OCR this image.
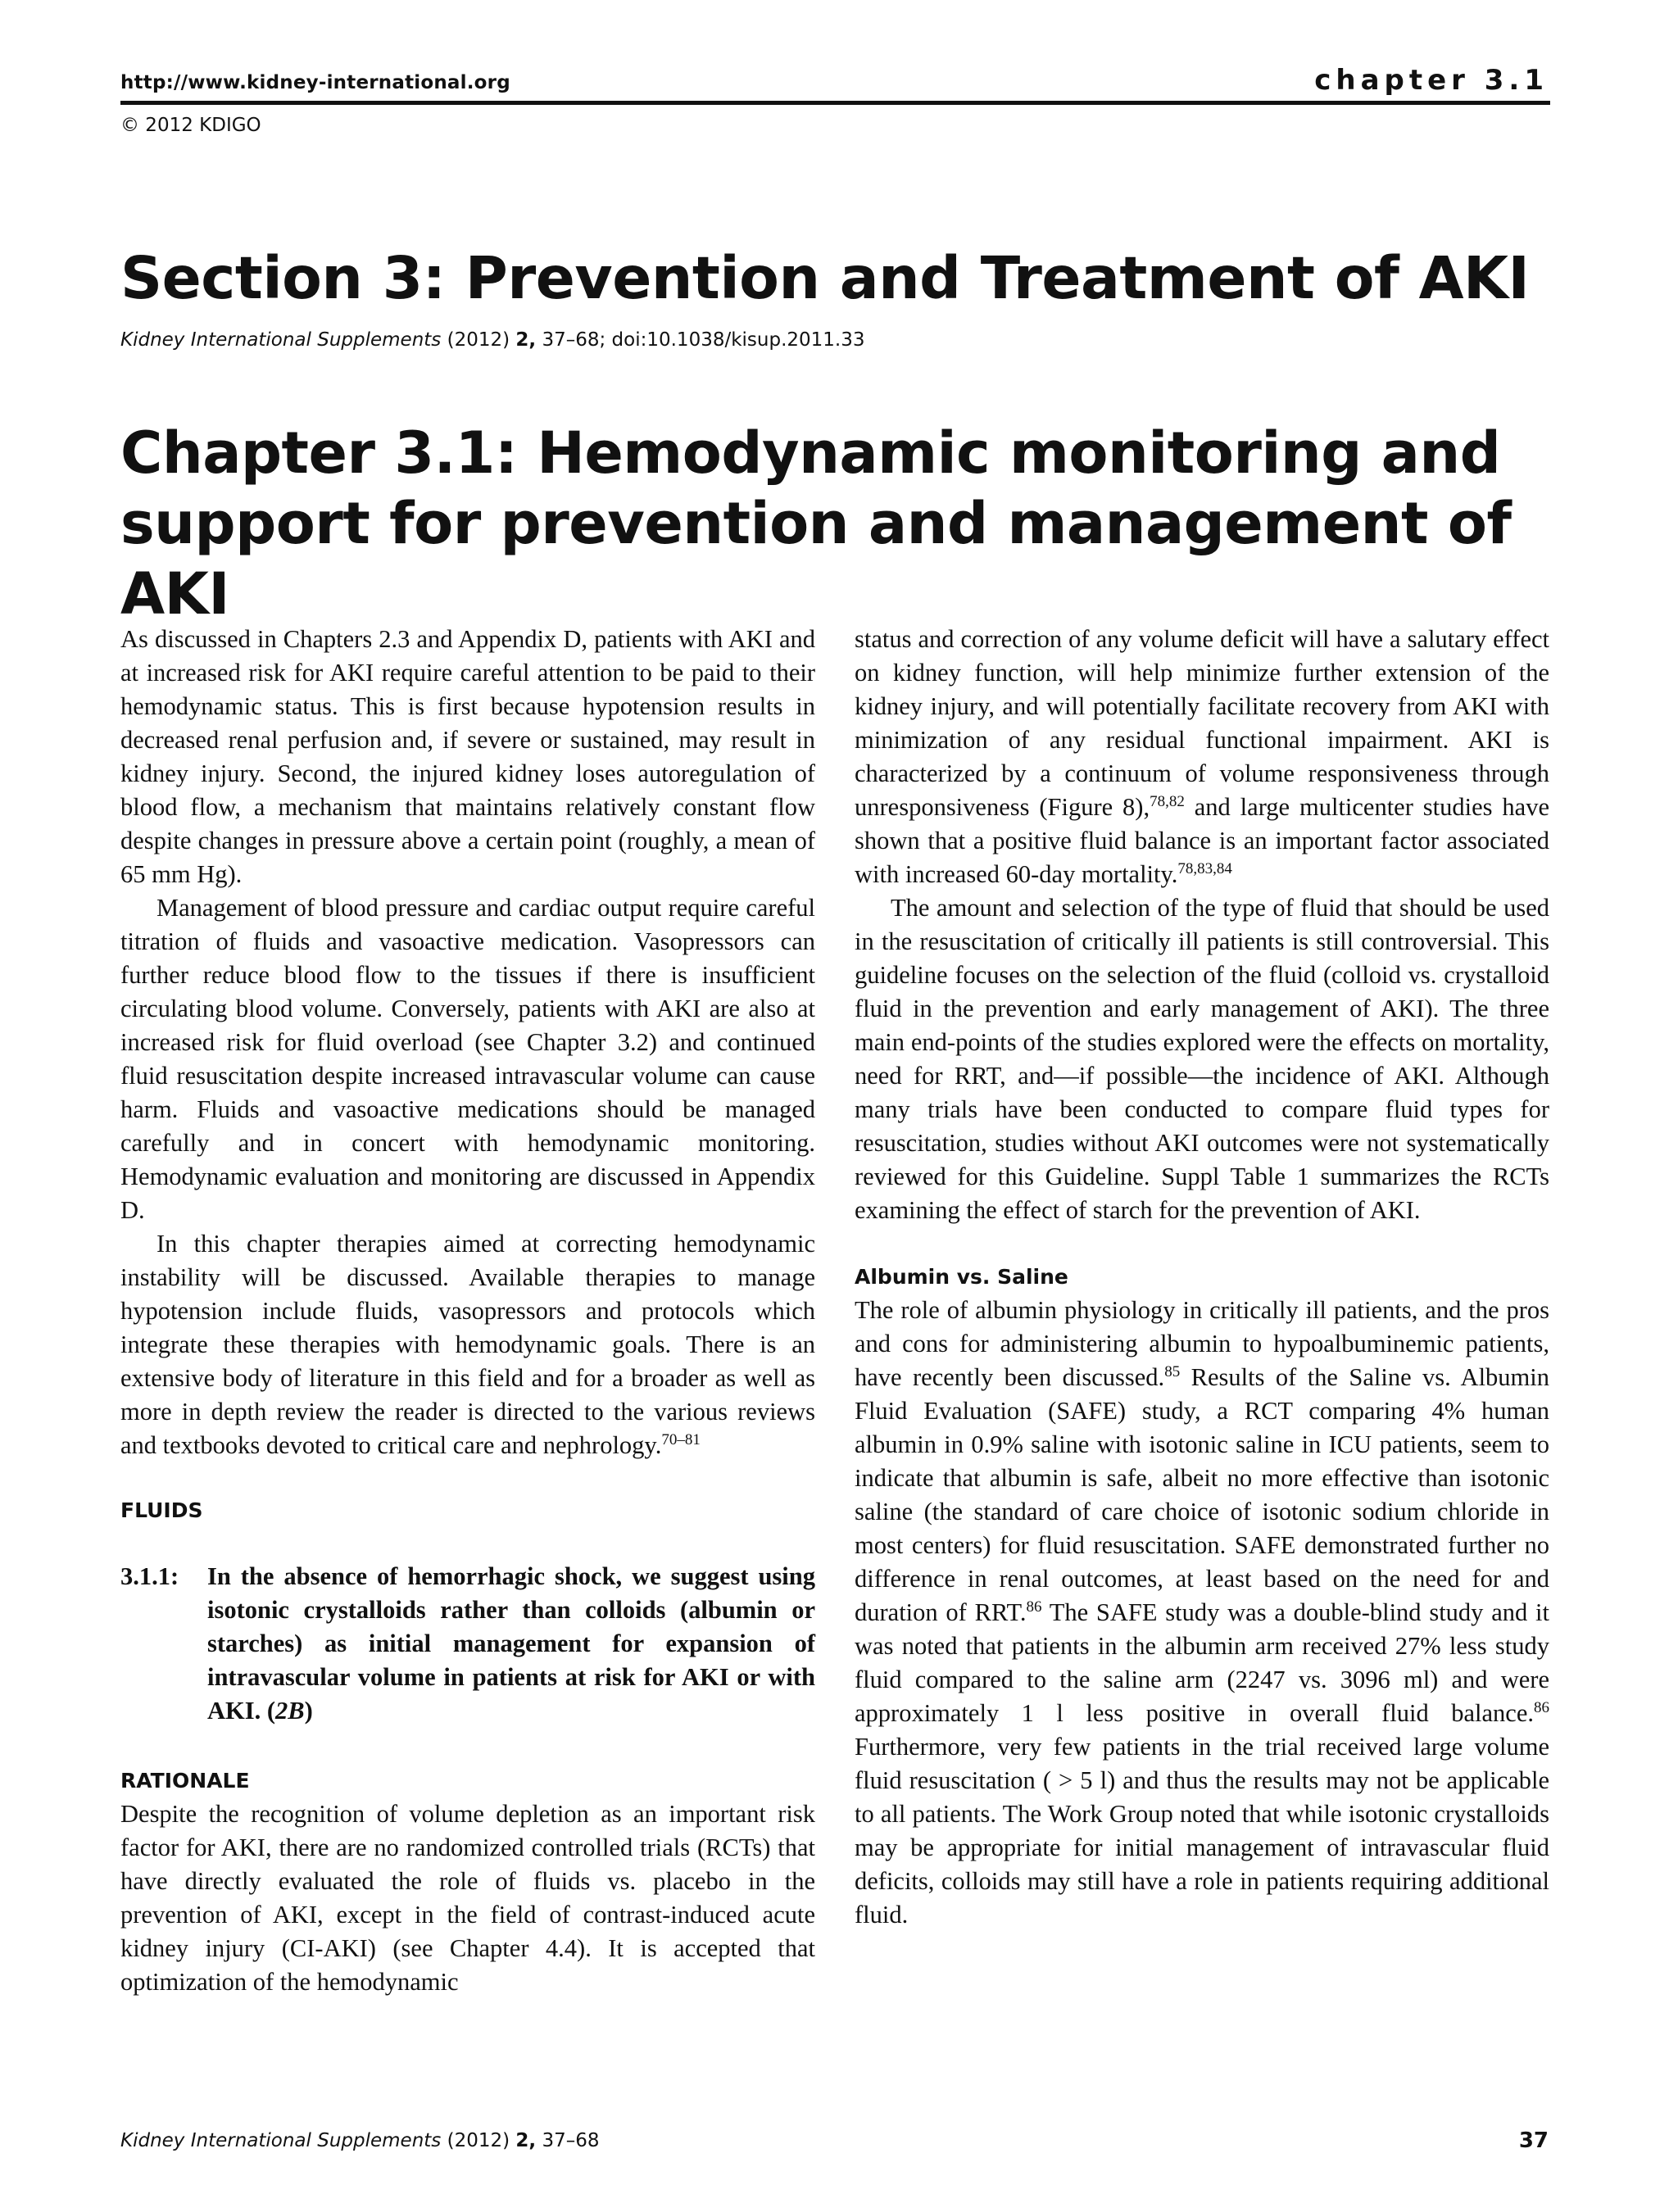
http://www.kidney-international.org	chapter 3.1
© 2012 KDIGO
Section 3: Prevention and Treatment of AKI
Kidney International Supplements (2012) 2, 37–68; doi:10.1038/kisup.2011.33
Chapter 3.1: Hemodynamic monitoring and support for prevention and management of AKI

As discussed in Chapters 2.3 and Appendix D, patients with AKI and at increased risk for AKI require careful attention to be paid to their hemodynamic status. This is first because hypotension results in decreased renal perfusion and, if severe or sustained, may result in kidney injury. Second, the injured kidney loses autoregulation of blood flow, a mechanism that maintains relatively constant flow despite changes in pressure above a certain point (roughly, a mean of 65 mm Hg).

Management of blood pressure and cardiac output require careful titration of fluids and vasoactive medication. Vasopressors can further reduce blood flow to the tissues if there is insufficient circulating blood volume. Conversely, patients with AKI are also at increased risk for fluid overload (see Chapter 3.2) and continued fluid resuscitation despite increased intravascular volume can cause harm. Fluids and vasoactive medications should be managed carefully and in concert with hemodynamic monitoring. Hemodynamic evaluation and monitoring are discussed in Appendix D.

In this chapter therapies aimed at correcting hemodynamic instability will be discussed. Available therapies to manage hypotension include fluids, vasopressors and protocols which integrate these therapies with hemodynamic goals. There is an extensive body of literature in this field and for a broader as well as more in depth review the reader is directed to the various reviews and textbooks devoted to critical care and nephrology.$^{70-81}$

FLUIDS
3.1.1:	In the absence of hemorrhagic shock, we suggest using isotonic crystalloids rather than colloids (albumin or starches) as initial management for expansion of intravascular volume in patients at risk for AKI or with AKI. (2B)
RATIONALE

Despite the recognition of volume depletion as an important risk factor for AKI, there are no randomized controlled trials (RCTs) that have directly evaluated the role of fluids vs. placebo in the prevention of AKI, except in the field of contrast-induced acute kidney injury (CI-AKI) (see Chapter 4.4). It is accepted that optimization of the hemodynamic

status and correction of any volume deficit will have a salutary effect on kidney function, will help minimize further extension of the kidney injury, and will potentially facilitate recovery from AKI with minimization of any residual functional impairment. AKI is characterized by a continuum of volume responsiveness through unresponsiveness (Figure 8),$^{78,82}$ and large multicenter studies have shown that a positive fluid balance is an important factor associated with increased 60-day mortality.$^{78,83,84}$

The amount and selection of the type of fluid that should be used in the resuscitation of critically ill patients is still controversial. This guideline focuses on the selection of the fluid (colloid vs. crystalloid fluid in the prevention and early management of AKI). The three main end-points of the studies explored were the effects on mortality, need for RRT, and—if possible—the incidence of AKI. Although many trials have been conducted to compare fluid types for resuscitation, studies without AKI outcomes were not systematically reviewed for this Guideline. Suppl Table 1 summarizes the RCTs examining the effect of starch for the prevention of AKI.

Albumin vs. Saline

The role of albumin physiology in critically ill patients, and the pros and cons for administering albumin to hypoalbuminemic patients, have recently been discussed.$^{85}$ Results of the Saline vs. Albumin Fluid Evaluation (SAFE) study, a RCT comparing 4% human albumin in 0.9% saline with isotonic saline in ICU patients, seem to indicate that albumin is safe, albeit no more effective than isotonic saline (the standard of care choice of isotonic sodium chloride in most centers) for fluid resuscitation. SAFE demonstrated further no difference in renal outcomes, at least based on the need for and duration of RRT.$^{86}$ The SAFE study was a double-blind study and it was noted that patients in the albumin arm received 27% less study fluid compared to the saline arm (2247 vs. 3096 ml) and were approximately 1 l less positive in overall fluid balance.$^{86}$ Furthermore, very few patients in the trial received large volume fluid resuscitation ( > 5 l) and thus the results may not be applicable to all patients. The Work Group noted that while isotonic crystalloids may be appropriate for initial management of intravascular fluid deficits, colloids may still have a role in patients requiring additional fluid.

Kidney International Supplements (2012) 2, 37–68	37
